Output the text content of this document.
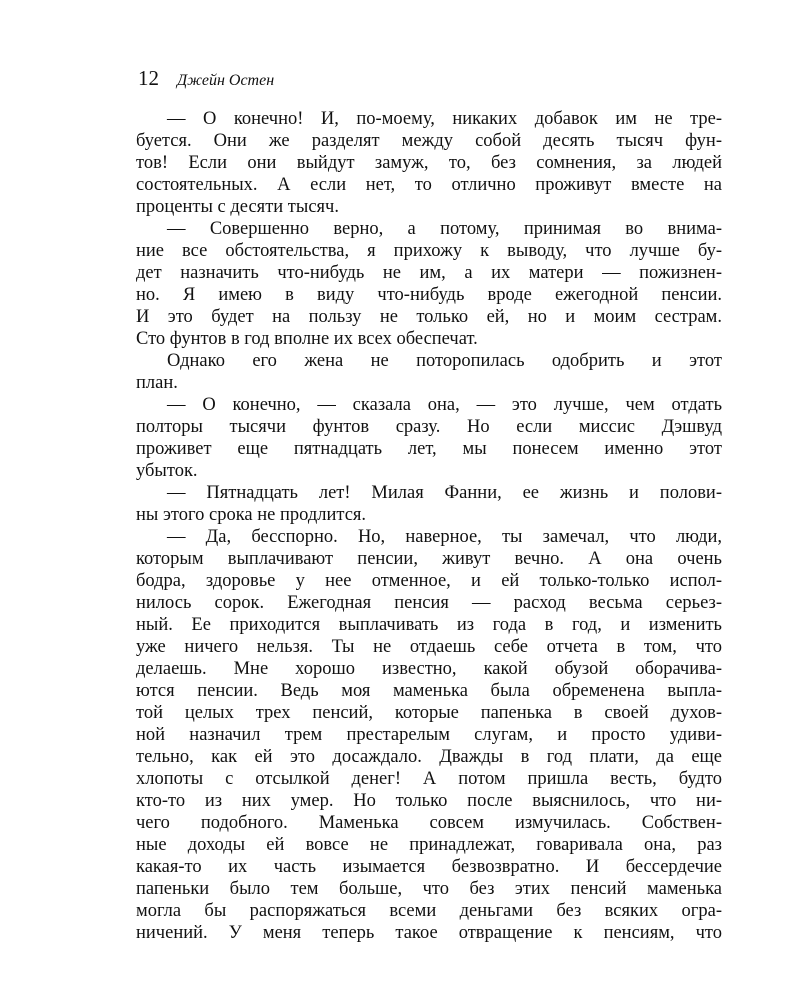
12 Джейн Остен
— О конечно! И, по-моему, никаких добавок им не тре-
буется. Они же разделят между собой десять тысяч фун-
тов! Если они выйдут замуж, то, без сомнения, за людей
состоятельных. А если нет, то отлично проживут вместе на
проценты с десяти тысяч.
— Совершенно верно, а потому, принимая во внима-
ние все обстоятельства, я прихожу к выводу, что лучше бу-
дет назначить что-нибудь не им, а их матери — пожизнен-
но. Я имею в виду что-нибудь вроде ежегодной пенсии.
И это будет на пользу не только ей, но и моим сестрам.
Сто фунтов в год вполне их всех обеспечат.
Однако его жена не поторопилась одобрить и этот
план.
— О конечно, — сказала она, — это лучше, чем отдать
полторы тысячи фунтов сразу. Но если миссис Дэшвуд
проживет еще пятнадцать лет, мы понесем именно этот
убыток.
— Пятнадцать лет! Милая Фанни, ее жизнь и полови-
ны этого срока не продлится.
— Да, бесспорно. Но, наверное, ты замечал, что люди,
которым выплачивают пенсии, живут вечно. А она очень
бодра, здоровье у нее отменное, и ей только-только испол-
нилось сорок. Ежегодная пенсия — расход весьма серьез-
ный. Ее приходится выплачивать из года в год, и изменить
уже ничего нельзя. Ты не отдаешь себе отчета в том, что
делаешь. Мне хорошо известно, какой обузой оборачива-
ются пенсии. Ведь моя маменька была обременена выпла-
той целых трех пенсий, которые папенька в своей духов-
ной назначил трем престарелым слугам, и просто удиви-
тельно, как ей это досаждало. Дважды в год плати, да еще
хлопоты с отсылкой денег! А потом пришла весть, будто
кто-то из них умер. Но только после выяснилось, что ни-
чего подобного. Маменька совсем измучилась. Собствен-
ные доходы ей вовсе не принадлежат, говаривала она, раз
какая-то их часть изымается безвозвратно. И бессердечие
папеньки было тем больше, что без этих пенсий маменька
могла бы распоряжаться всеми деньгами без всяких огра-
ничений. У меня теперь такое отвращение к пенсиям, что
